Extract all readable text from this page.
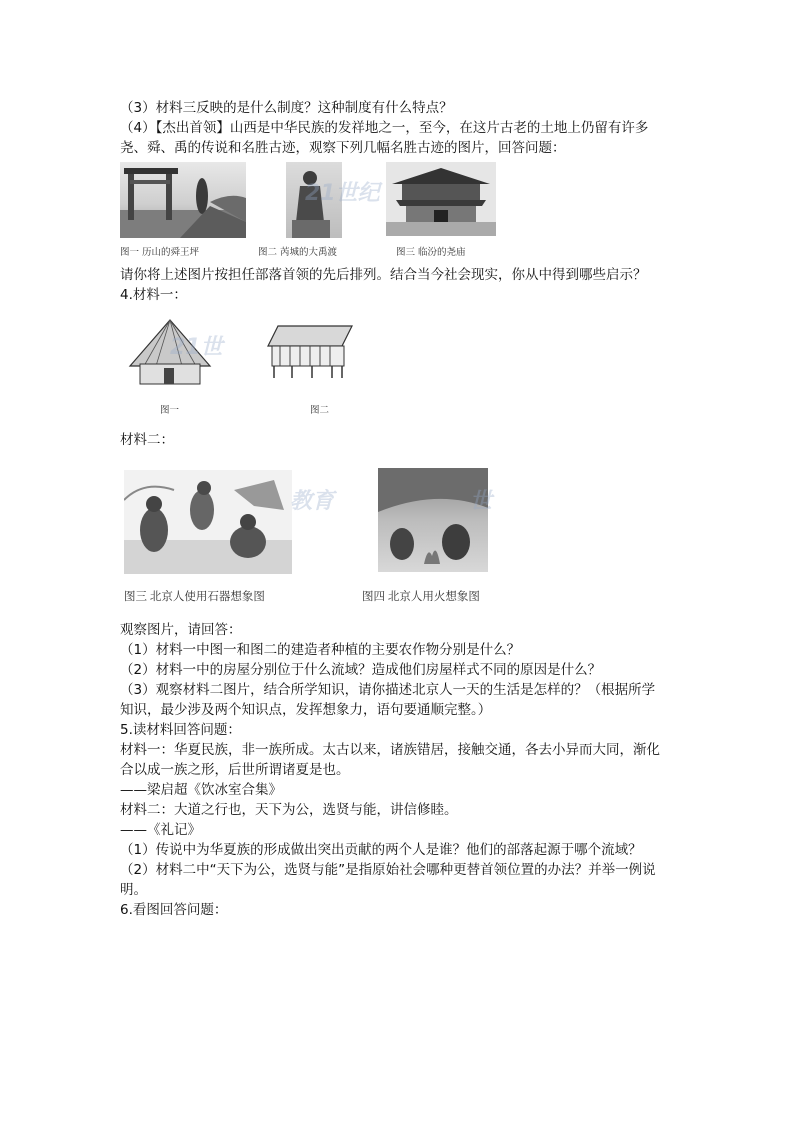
（3）材料三反映的是什么制度？这种制度有什么特点？
（4）【杰出首领】山西是中华民族的发祥地之一，至今，在这片古老的土地上仍留有许多
尧、舜、禹的传说和名胜古迹，观察下列几幅名胜古迹的图片，回答问题：
图一 历山的舜王坪
21世纪
图二 芮城的大禹渡	图三 临汾的尧庙
请你将上述图片按担任部落首领的先后排列。结合当今社会现实，你从中得到哪些启示？
4.材料一：
21世
图一	图二
材料二：
教育	世
图三 北京人使用石器想象图	图四 北京人用火想象图
观察图片，请回答：
（1）材料一中图一和图二的建造者种植的主要农作物分别是什么？
（2）材料一中的房屋分别位于什么流域？造成他们房屋样式不同的原因是什么？
（3）观察材料二图片，结合所学知识，请你描述北京人一天的生活是怎样的？（根据所学
知识，最少涉及两个知识点，发挥想象力，语句要通顺完整。）
5.读材料回答问题：
材料一：华夏民族，非一族所成。太古以来，诸族错居，接触交通，各去小异而大同，渐化
合以成一族之形，后世所谓诸夏是也。
——梁启超《饮冰室合集》
材料二：大道之行也，天下为公，选贤与能，讲信修睦。
——《礼记》
（1）传说中为华夏族的形成做出突出贡献的两个人是谁？他们的部落起源于哪个流域？
（2）材料二中“天下为公，选贤与能”是指原始社会哪种更替首领位置的办法？并举一例说
明。
6.看图回答问题：
